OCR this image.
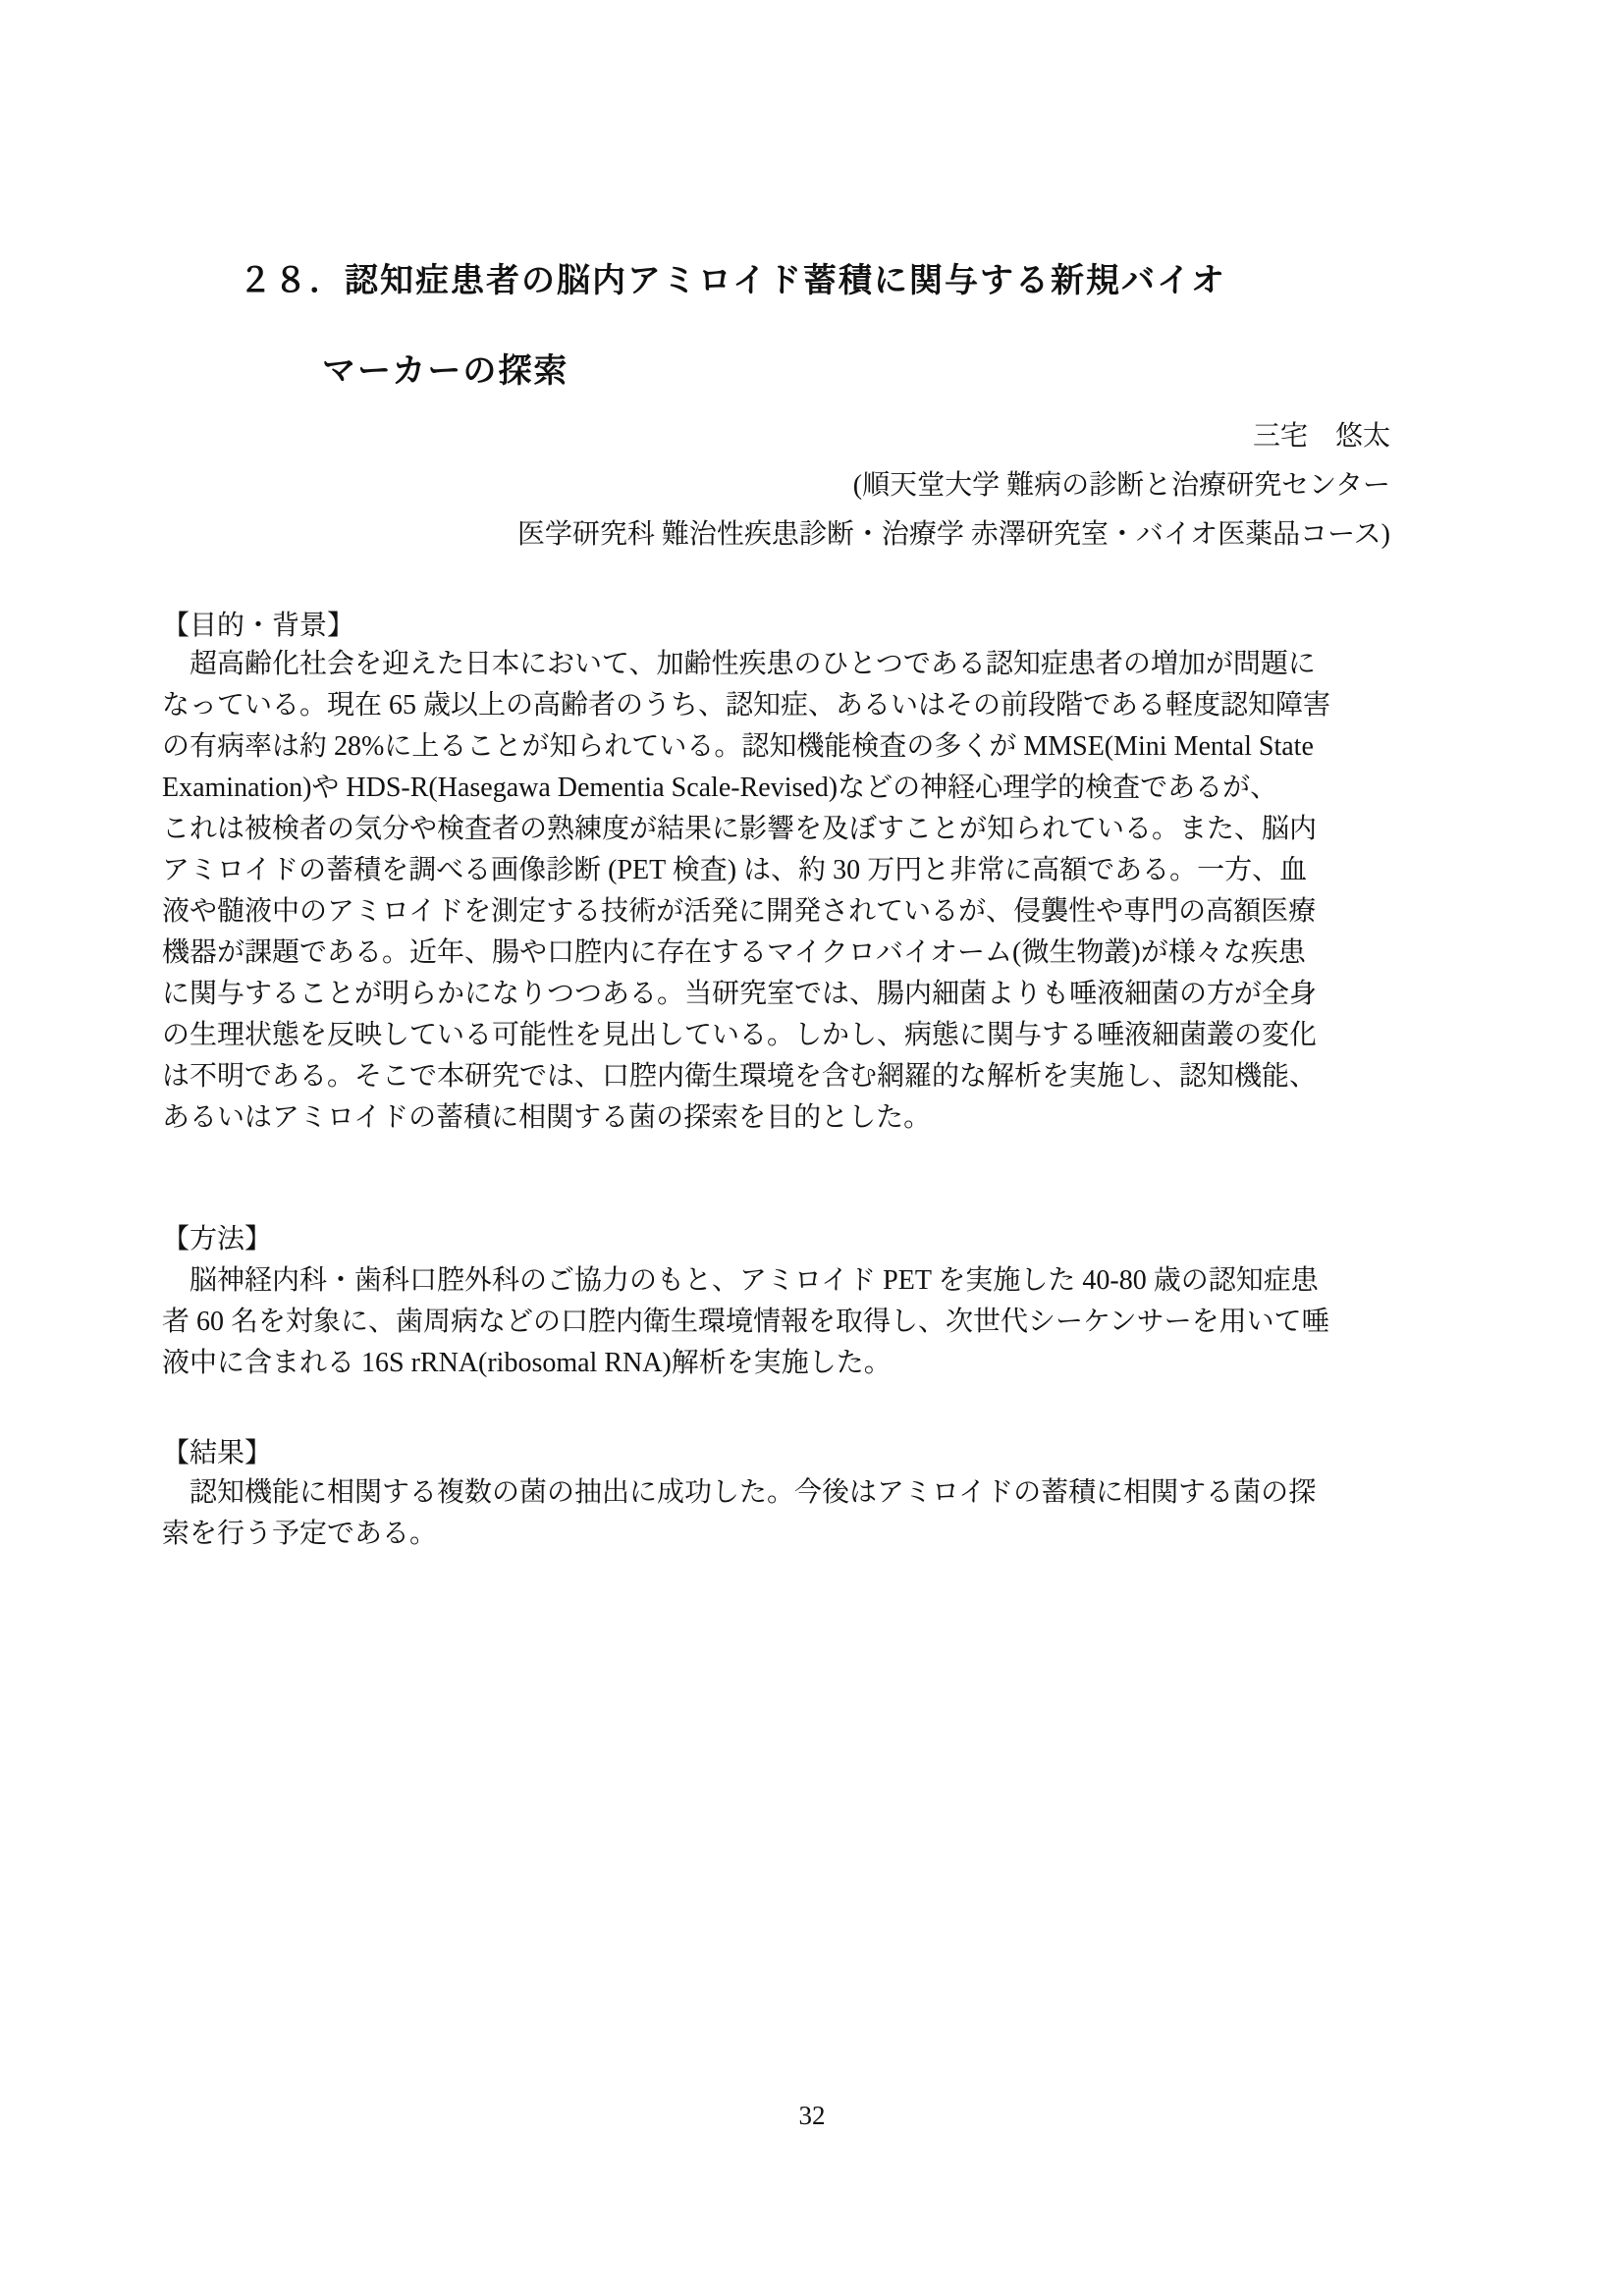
２８．認知症患者の脳内アミロイド蓄積に関与する新規バイオ
マーカーの探索
三宅　悠太
(順天堂大学 難病の診断と治療研究センター
医学研究科 難治性疾患診断・治療学 赤澤研究室・バイオ医薬品コース)
【目的・背景】
　超高齢化社会を迎えた日本において、加齢性疾患のひとつである認知症患者の増加が問題に
なっている。現在 65 歳以上の高齢者のうち、認知症、あるいはその前段階である軽度認知障害
の有病率は約 28%に上ることが知られている。認知機能検査の多くが MMSE(Mini Mental State
Examination)や HDS-R(Hasegawa Dementia Scale-Revised)などの神経心理学的検査であるが、
これは被検者の気分や検査者の熟練度が結果に影響を及ぼすことが知られている。また、脳内
アミロイドの蓄積を調べる画像診断 (PET 検査) は、約 30 万円と非常に高額である。一方、血
液や髄液中のアミロイドを測定する技術が活発に開発されているが、侵襲性や専門の高額医療
機器が課題である。近年、腸や口腔内に存在するマイクロバイオーム(微生物叢)が様々な疾患
に関与することが明らかになりつつある。当研究室では、腸内細菌よりも唾液細菌の方が全身
の生理状態を反映している可能性を見出している。しかし、病態に関与する唾液細菌叢の変化
は不明である。そこで本研究では、口腔内衛生環境を含む網羅的な解析を実施し、認知機能、
あるいはアミロイドの蓄積に相関する菌の探索を目的とした。
【方法】
　脳神経内科・歯科口腔外科のご協力のもと、アミロイド PET を実施した 40-80 歳の認知症患
者 60 名を対象に、歯周病などの口腔内衛生環境情報を取得し、次世代シーケンサーを用いて唾
液中に含まれる 16S rRNA(ribosomal RNA)解析を実施した。
【結果】
　認知機能に相関する複数の菌の抽出に成功した。今後はアミロイドの蓄積に相関する菌の探
索を行う予定である。
32
